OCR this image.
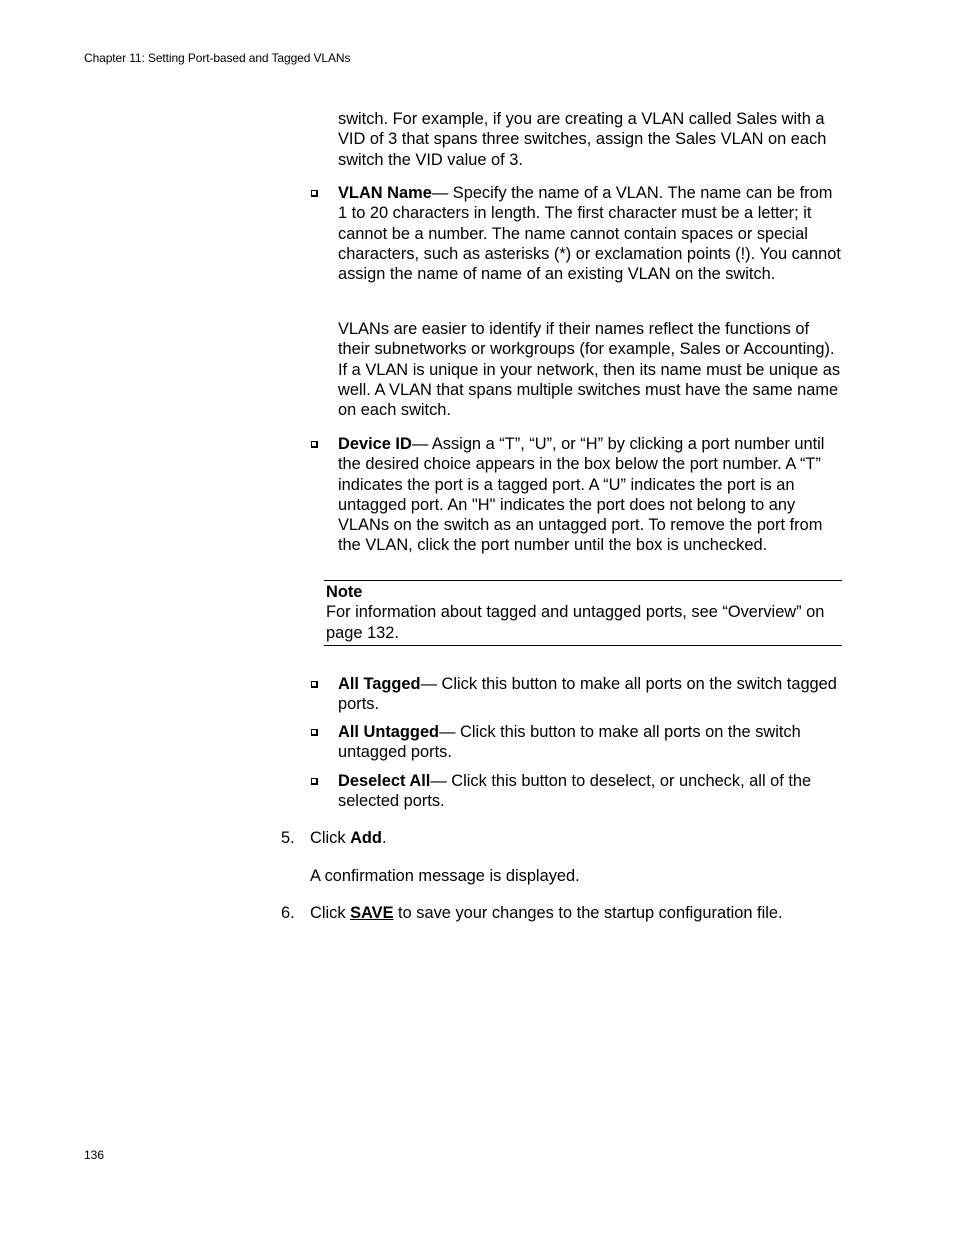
Chapter 11: Setting Port-based and Tagged VLANs
switch. For example, if you are creating a VLAN called Sales with a VID of 3 that spans three switches, assign the Sales VLAN on each switch the VID value of 3.
VLAN Name— Specify the name of a VLAN. The name can be from 1 to 20 characters in length. The first character must be a letter; it cannot be a number. The name cannot contain spaces or special characters, such as asterisks (*) or exclamation points (!). You cannot assign the name of name of an existing VLAN on the switch.
VLANs are easier to identify if their names reflect the functions of their subnetworks or workgroups (for example, Sales or Accounting). If a VLAN is unique in your network, then its name must be unique as well. A VLAN that spans multiple switches must have the same name on each switch.
Device ID— Assign a “T”, “U”, or “H” by clicking a port number until the desired choice appears in the box below the port number. A “T” indicates the port is a tagged port. A “U” indicates the port is an untagged port. An "H" indicates the port does not belong to any VLANs on the switch as an untagged port. To remove the port from the VLAN, click the port number until the box is unchecked.
Note
For information about tagged and untagged ports, see “Overview” on page 132.
All Tagged— Click this button to make all ports on the switch tagged ports.
All Untagged— Click this button to make all ports on the switch untagged ports.
Deselect All— Click this button to deselect, or uncheck, all of the selected ports.
5. Click Add.
A confirmation message is displayed.
6. Click SAVE to save your changes to the startup configuration file.
136
